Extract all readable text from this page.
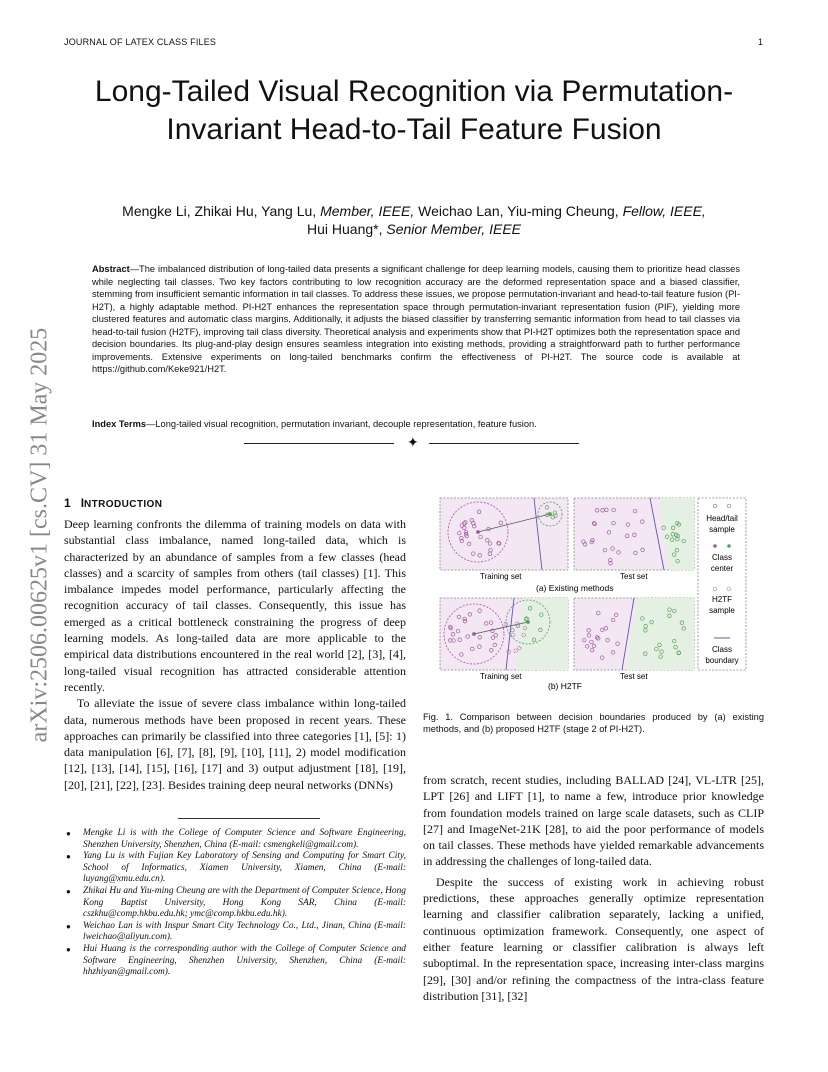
JOURNAL OF LATEX CLASS FILES	1
arXiv:2506.00625v1 [cs.CV] 31 May 2025
Long-Tailed Visual Recognition via Permutation-Invariant Head-to-Tail Feature Fusion
Mengke Li, Zhikai Hu, Yang Lu, Member, IEEE, Weichao Lan, Yiu-ming Cheung, Fellow, IEEE,
Hui Huang*, Senior Member, IEEE
Abstract—The imbalanced distribution of long-tailed data presents a significant challenge for deep learning models, causing them to prioritize head classes while neglecting tail classes. Two key factors contributing to low recognition accuracy are the deformed representation space and a biased classifier, stemming from insufficient semantic information in tail classes. To address these issues, we propose permutation-invariant and head-to-tail feature fusion (PI-H2T), a highly adaptable method. PI-H2T enhances the representation space through permutation-invariant representation fusion (PIF), yielding more clustered features and automatic class margins. Additionally, it adjusts the biased classifier by transferring semantic information from head to tail classes via head-to-tail fusion (H2TF), improving tail class diversity. Theoretical analysis and experiments show that PI-H2T optimizes both the representation space and decision boundaries. Its plug-and-play design ensures seamless integration into existing methods, providing a straightforward path to further performance improvements. Extensive experiments on long-tailed benchmarks confirm the effectiveness of PI-H2T. The source code is available at https://github.com/Keke921/H2T.
Index Terms—Long-tailed visual recognition, permutation invariant, decouple representation, feature fusion.
✦
1 INTRODUCTION

Deep learning confronts the dilemma of training models on data with substantial class imbalance, named long-tailed data, which is characterized by an abundance of samples from a few classes (head classes) and a scarcity of samples from others (tail classes) [1]. This imbalance impedes model performance, particularly affecting the recognition accuracy of tail classes. Consequently, this issue has emerged as a critical bottleneck constraining the progress of deep learning models. As long-tailed data are more applicable to the empirical data distributions encountered in the real world [2], [3], [4], long-tailed visual recognition has attracted considerable attention recently.

To alleviate the issue of severe class imbalance within long-tailed data, numerous methods have been proposed in recent years. These approaches can primarily be classified into three categories [1], [5]: 1) data manipulation [6], [7], [8], [9], [10], [11], 2) model modification [12], [13], [14], [15], [16], [17] and 3) output adjustment [18], [19], [20], [21], [22], [23]. Besides training deep neural networks (DNNs)

● Mengke Li is with the College of Computer Science and Software Engineering, Shenzhen University, Shenzhen, China (E-mail: csmengkeli@gmail.com).
● Yang Lu is with Fujian Key Laboratory of Sensing and Computing for Smart City, School of Informatics, Xiamen University, Xiamen, China (E-mail: luyang@xmu.edu.cn).
● Zhikai Hu and Yiu-ming Cheung are with the Department of Computer Science, Hong Kong Baptist University, Hong Kong SAR, China (E-mail: cszkhu@comp.hkbu.edu.hk; ymc@comp.hkbu.edu.hk).
● Weichao Lan is with Inspur Smart City Technology Co., Ltd., Jinan, China (E-mail: lweichao@aliyun.com).
● Hui Huang is the corresponding author with the College of Computer Science and Software Engineering, Shenzhen University, Shenzhen, China (E-mail: hhzhiyan@gmail.com).
Training set	Test set
(a) Existing methods
Training set	Test set
(b) H2TF
Head/tail
sample
Class
center
H2TF
sample
Class
boundary
Fig. 1. Comparison between decision boundaries produced by (a) existing methods, and (b) proposed H2TF (stage 2 of PI-H2T).

from scratch, recent studies, including BALLAD [24], VL-LTR [25], LPT [26] and LIFT [1], to name a few, introduce prior knowledge from foundation models trained on large scale datasets, such as CLIP [27] and ImageNet-21K [28], to aid the poor performance of models on tail classes. These methods have yielded remarkable advancements in addressing the challenges of long-tailed data.

Despite the success of existing work in achieving robust predictions, these approaches generally optimize representation learning and classifier calibration separately, lacking a unified, continuous optimization framework. Consequently, one aspect of either feature learning or classifier calibration is always left suboptimal. In the representation space, increasing inter-class margins [29], [30] and/or refining the compactness of the intra-class feature distribution [31], [32]
